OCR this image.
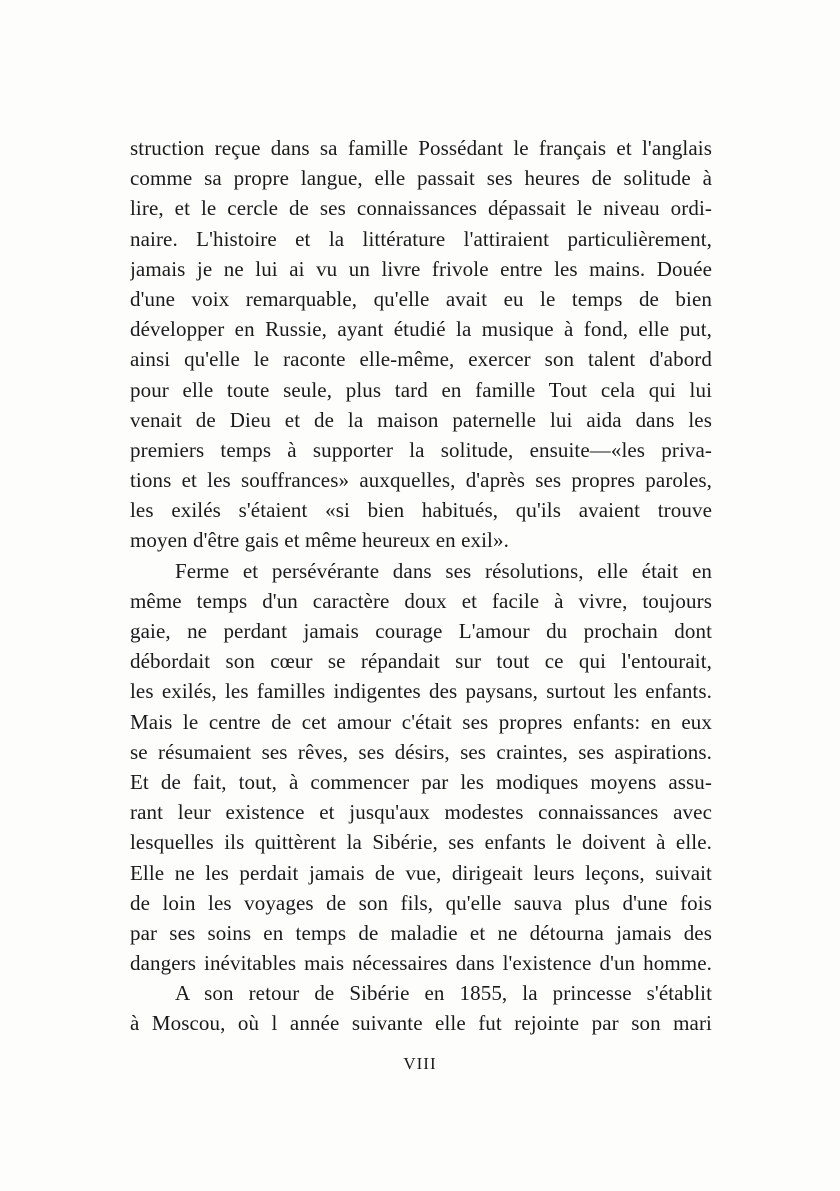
struction reçue dans sa famille Possédant le français et l'anglais
comme sa propre langue, elle passait ses heures de solitude à
lire, et le cercle de ses connaissances dépassait le niveau ordi-
naire. L'histoire et la littérature l'attiraient particulièrement,
jamais je ne lui ai vu un livre frivole entre les mains. Douée
d'une voix remarquable, qu'elle avait eu le temps de bien
développer en Russie, ayant étudié la musique à fond, elle put,
ainsi qu'elle le raconte elle-même, exercer son talent d'abord
pour elle toute seule, plus tard en famille Tout cela qui lui
venait de Dieu et de la maison paternelle lui aida dans les
premiers temps à supporter la solitude, ensuite—«les priva-
tions et les souffrances» auxquelles, d'après ses propres paroles,
les exilés s'étaient «si bien habitués, qu'ils avaient trouve
moyen d'être gais et même heureux en exil».
Ferme et persévérante dans ses résolutions, elle était en
même temps d'un caractère doux et facile à vivre, toujours
gaie, ne perdant jamais courage L'amour du prochain dont
débordait son cœur se répandait sur tout ce qui l'entourait,
les exilés, les familles indigentes des paysans, surtout les enfants.
Mais le centre de cet amour c'était ses propres enfants: en eux
se résumaient ses rêves, ses désirs, ses craintes, ses aspirations.
Et de fait, tout, à commencer par les modiques moyens assu-
rant leur existence et jusqu'aux modestes connaissances avec
lesquelles ils quittèrent la Sibérie, ses enfants le doivent à elle.
Elle ne les perdait jamais de vue, dirigeait leurs leçons, suivait
de loin les voyages de son fils, qu'elle sauva plus d'une fois
par ses soins en temps de maladie et ne détourna jamais des
dangers inévitables mais nécessaires dans l'existence d'un homme.
A son retour de Sibérie en 1855, la princesse s'établit
à Moscou, où l année suivante elle fut rejointe par son mari
VIII
